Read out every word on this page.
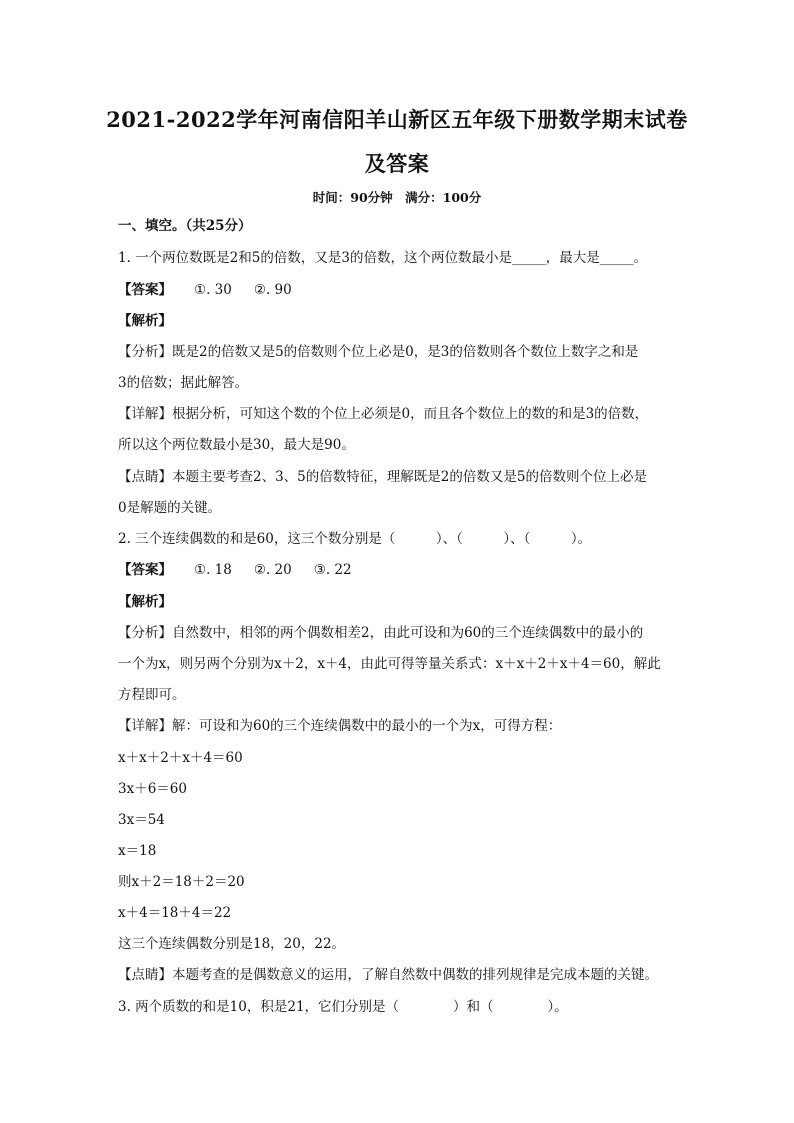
2021-2022学年河南信阳羊山新区五年级下册数学期末试卷
及答案
时间：90分钟　满分：100分
一、填空。（共25分）
1. 一个两位数既是2和5的倍数，又是3的倍数，这个两位数最小是_____，最大是_____。
【答案】 ①. 30 ②. 90
【解析】
【分析】既是2的倍数又是5的倍数则个位上必是0，是3的倍数则各个数位上数字之和是
3的倍数；据此解答。
【详解】根据分析，可知这个数的个位上必须是0，而且各个数位上的数的和是3的倍数，
所以这个两位数最小是30，最大是90。
【点睛】本题主要考查2、3、5的倍数特征，理解既是2的倍数又是5的倍数则个位上必是
0是解题的关键。
2. 三个连续偶数的和是60，这三个数分别是（　　　）、（　　　）、（　　　）。
【答案】 ①. 18 ②. 20 ③. 22
【解析】
【分析】自然数中，相邻的两个偶数相差2，由此可设和为60的三个连续偶数中的最小的
一个为x，则另两个分别为x＋2，x＋4，由此可得等量关系式：x＋x＋2＋x＋4＝60，解此
方程即可。
【详解】解：可设和为60的三个连续偶数中的最小的一个为x，可得方程：
x＋x＋2＋x＋4＝60
3x＋6＝60
3x＝54
x＝18
则x＋2＝18＋2＝20
x＋4＝18＋4＝22
这三个连续偶数分别是18，20，22。
【点睛】本题考查的是偶数意义的运用，了解自然数中偶数的排列规律是完成本题的关键。
3. 两个质数的和是10，积是21，它们分别是（　　　　）和（　　　　）。
